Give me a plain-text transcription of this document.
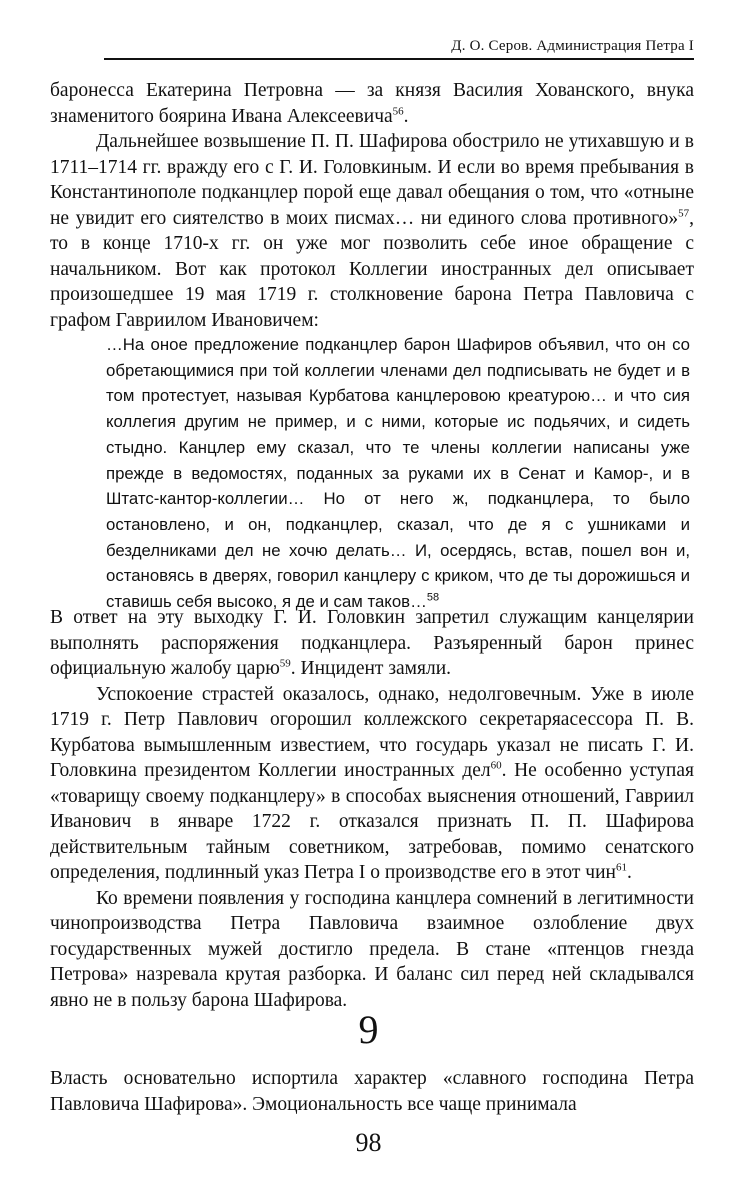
Д. О. Серов. Администрация Петра I

баронесса Екатерина Петровна — за князя Василия Хованского, внука знаменитого боярина Ивана Алексеевича$^{56}$.

Дальнейшее возвышение П. П. Шафирова обострило не утихавшую и в 1711–1714 гг. вражду его с Г. И. Головкиным. И если во время пребывания в Константинополе подканцлер порой еще давал обещания о том, что «отныне не увидит его сиятелство в моих писмах… ни единого слова противного»$^{57}$, то в конце 1710-х гг. он уже мог позволить себе иное обращение с начальником. Вот как протокол Коллегии иностранных дел описывает произошедшее 19 мая 1719 г. столкновение барона Петра Павловича с графом Гавриилом Ивановичем:

…На оное предложение подканцлер барон Шафиров объявил, что он со обретающимися при той коллегии членами дел подписывать не будет и в том протестует, называя Курбатова канцлеровою креатурою… и что сия коллегия другим не пример, и с ними, которые ис подьячих, и сидеть стыдно. Канцлер ему сказал, что те члены коллегии написаны уже прежде в ведомостях, поданных за руками их в Сенат и Камор-, и в Штатс-кантор-коллегии… Но от него ж, подканцлера, то было остановлено, и он, подканцлер, сказал, что де я с ушниками и безделниками дел не хочю делать… И, осердясь, встав, пошел вон и, остановясь в дверях, говорил канцлеру с криком, что де ты дорожишься и ставишь себя высоко, я де и сам таков…$^{58}$

В ответ на эту выходку Г. И. Головкин запретил служащим канцелярии выполнять распоряжения подканцлера. Разъяренный барон принес официальную жалобу царю$^{59}$. Инцидент замяли.

Успокоение страстей оказалось, однако, недолговечным. Уже в июле 1719 г. Петр Павлович огорошил коллежского секретаряасессора П. В. Курбатова вымышленным известием, что государь указал не писать Г. И. Головкина президентом Коллегии иностранных дел$^{60}$. Не особенно уступая «товарищу своему подканцлеру» в способах выяснения отношений, Гавриил Иванович в январе 1722 г. отказался признать П. П. Шафирова действительным тайным советником, затребовав, помимо сенатского определения, подлинный указ Петра I о производстве его в этот чин$^{61}$.

Ко времени появления у господина канцлера сомнений в легитимности чинопроизводства Петра Павловича взаимное озлобление двух государственных мужей достигло предела. В стане «птенцов гнезда Петрова» назревала крутая разборка. И баланс сил перед ней складывался явно не в пользу барона Шафирова.

9

Власть основательно испортила характер «славного господина Петра Павловича Шафирова». Эмоциональность все чаще принимала

98
